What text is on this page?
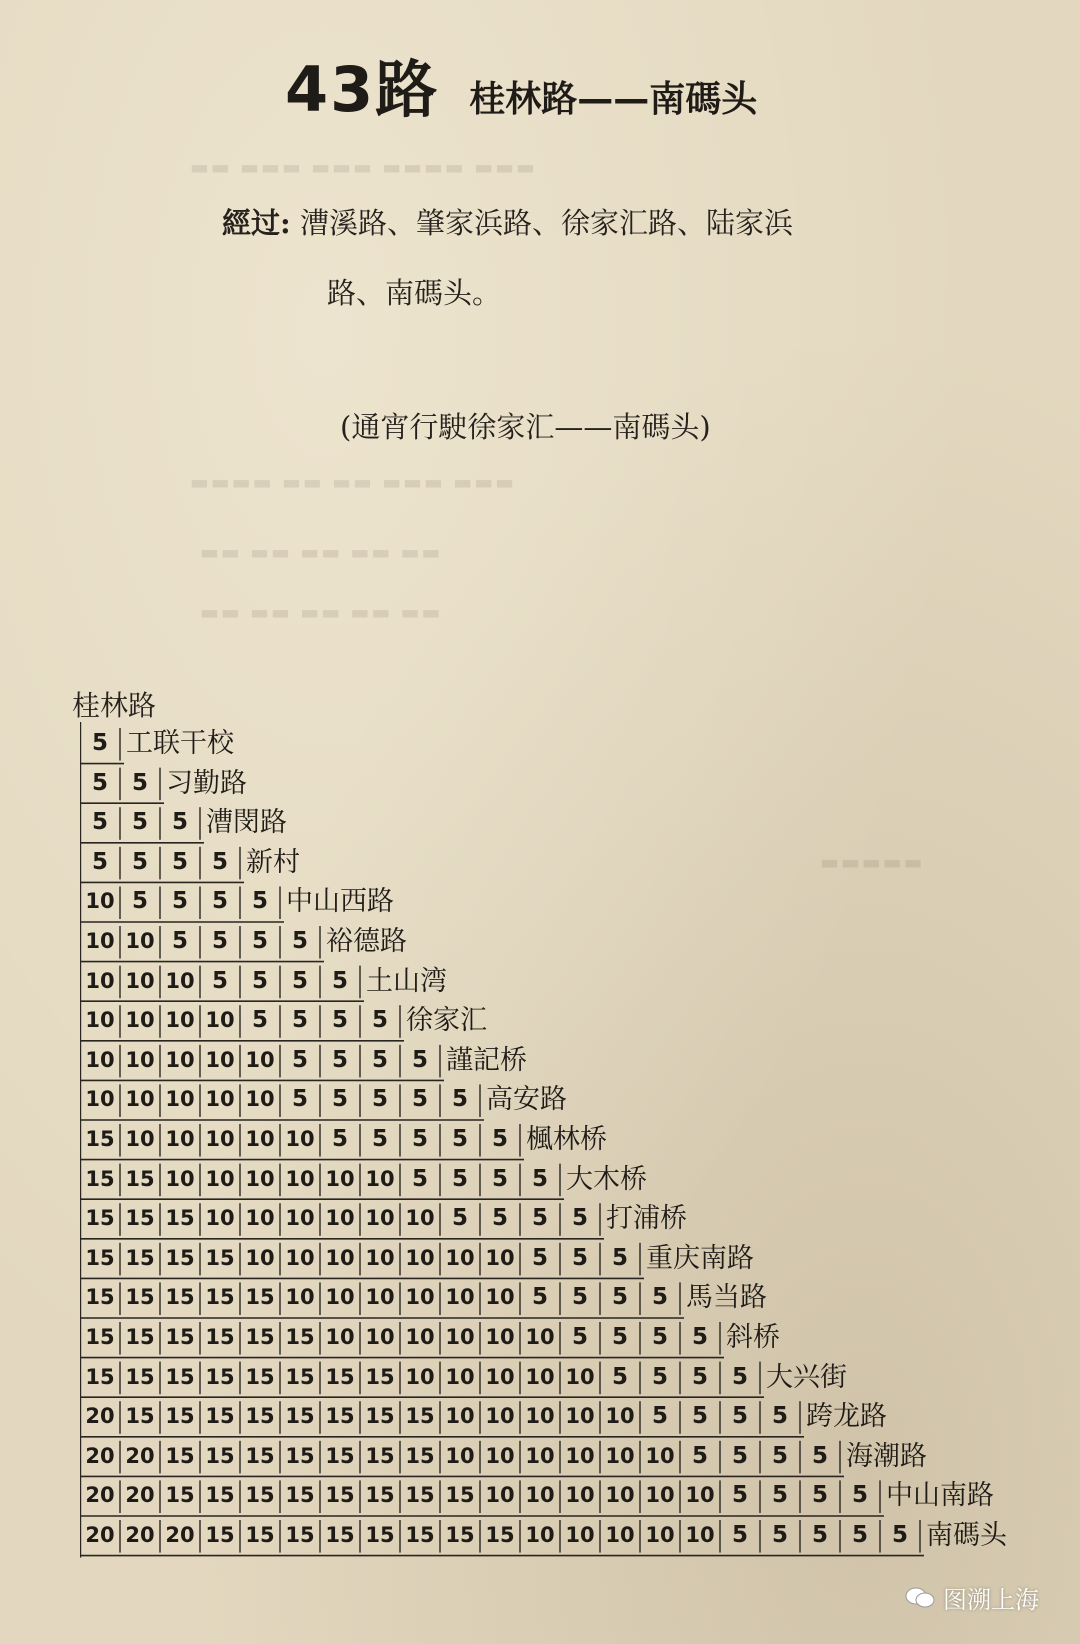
▬▬ ▬▬▬ ▬▬▬ ▬▬▬▬ ▬▬▬
▬▬▬▬ ▬▬ ▬▬ ▬▬▬ ▬▬▬
▬▬ ▬▬ ▬▬ ▬▬ ▬▬
▬▬ ▬▬ ▬▬ ▬▬ ▬▬
▬▬▬▬▬
43路 桂林路——南碼头
經过: 漕溪路、肇家浜路、徐家汇路、陆家浜
路、南碼头。
(通宵行駛徐家汇——南碼头)
桂林路
5 工联干校
5	5 习勤路
5	5	5 漕閔路
5	5	5	5 新村
10 5	5	5	5 中山西路
10 10 5	5	5	5 裕德路
10 10 10 5	5	5	5 土山湾
10 10 10 10 5	5	5	5 徐家汇
10 10 10 10 10 5	5	5	5 謹記桥
10 10 10 10 10 5	5	5	5	5 高安路
15 10 10 10 10 10 5	5	5	5	5 楓林桥
15 15 10 10 10 10 10 10 5	5	5	5 大木桥
15 15 15 10 10 10 10 10 10 5	5	5	5 打浦桥
15 15 15 15 10 10 10 10 10 10 10 5	5	5 重庆南路
15 15 15 15 15 10 10 10 10 10 10 5	5	5	5 馬当路
15 15 15 15 15 15 10 10 10 10 10 10 5	5	5	5 斜桥
15 15 15 15 15 15 15 15 10 10 10 10 10 5	5	5	5 大兴街
20 15 15 15 15 15 15 15 15 10 10 10 10 10 5	5	5	5 跨龙路
20 20 15 15 15 15 15 15 15 10 10 10 10 10 10 5	5	5	5 海潮路
20 20 15 15 15 15 15 15 15 15 10 10 10 10 10 10 5	5	5	5 中山南路
20 20 20 15 15 15 15 15 15 15 15 10 10 10 10 10 5	5	5	5	5 南碼头
图溯上海
